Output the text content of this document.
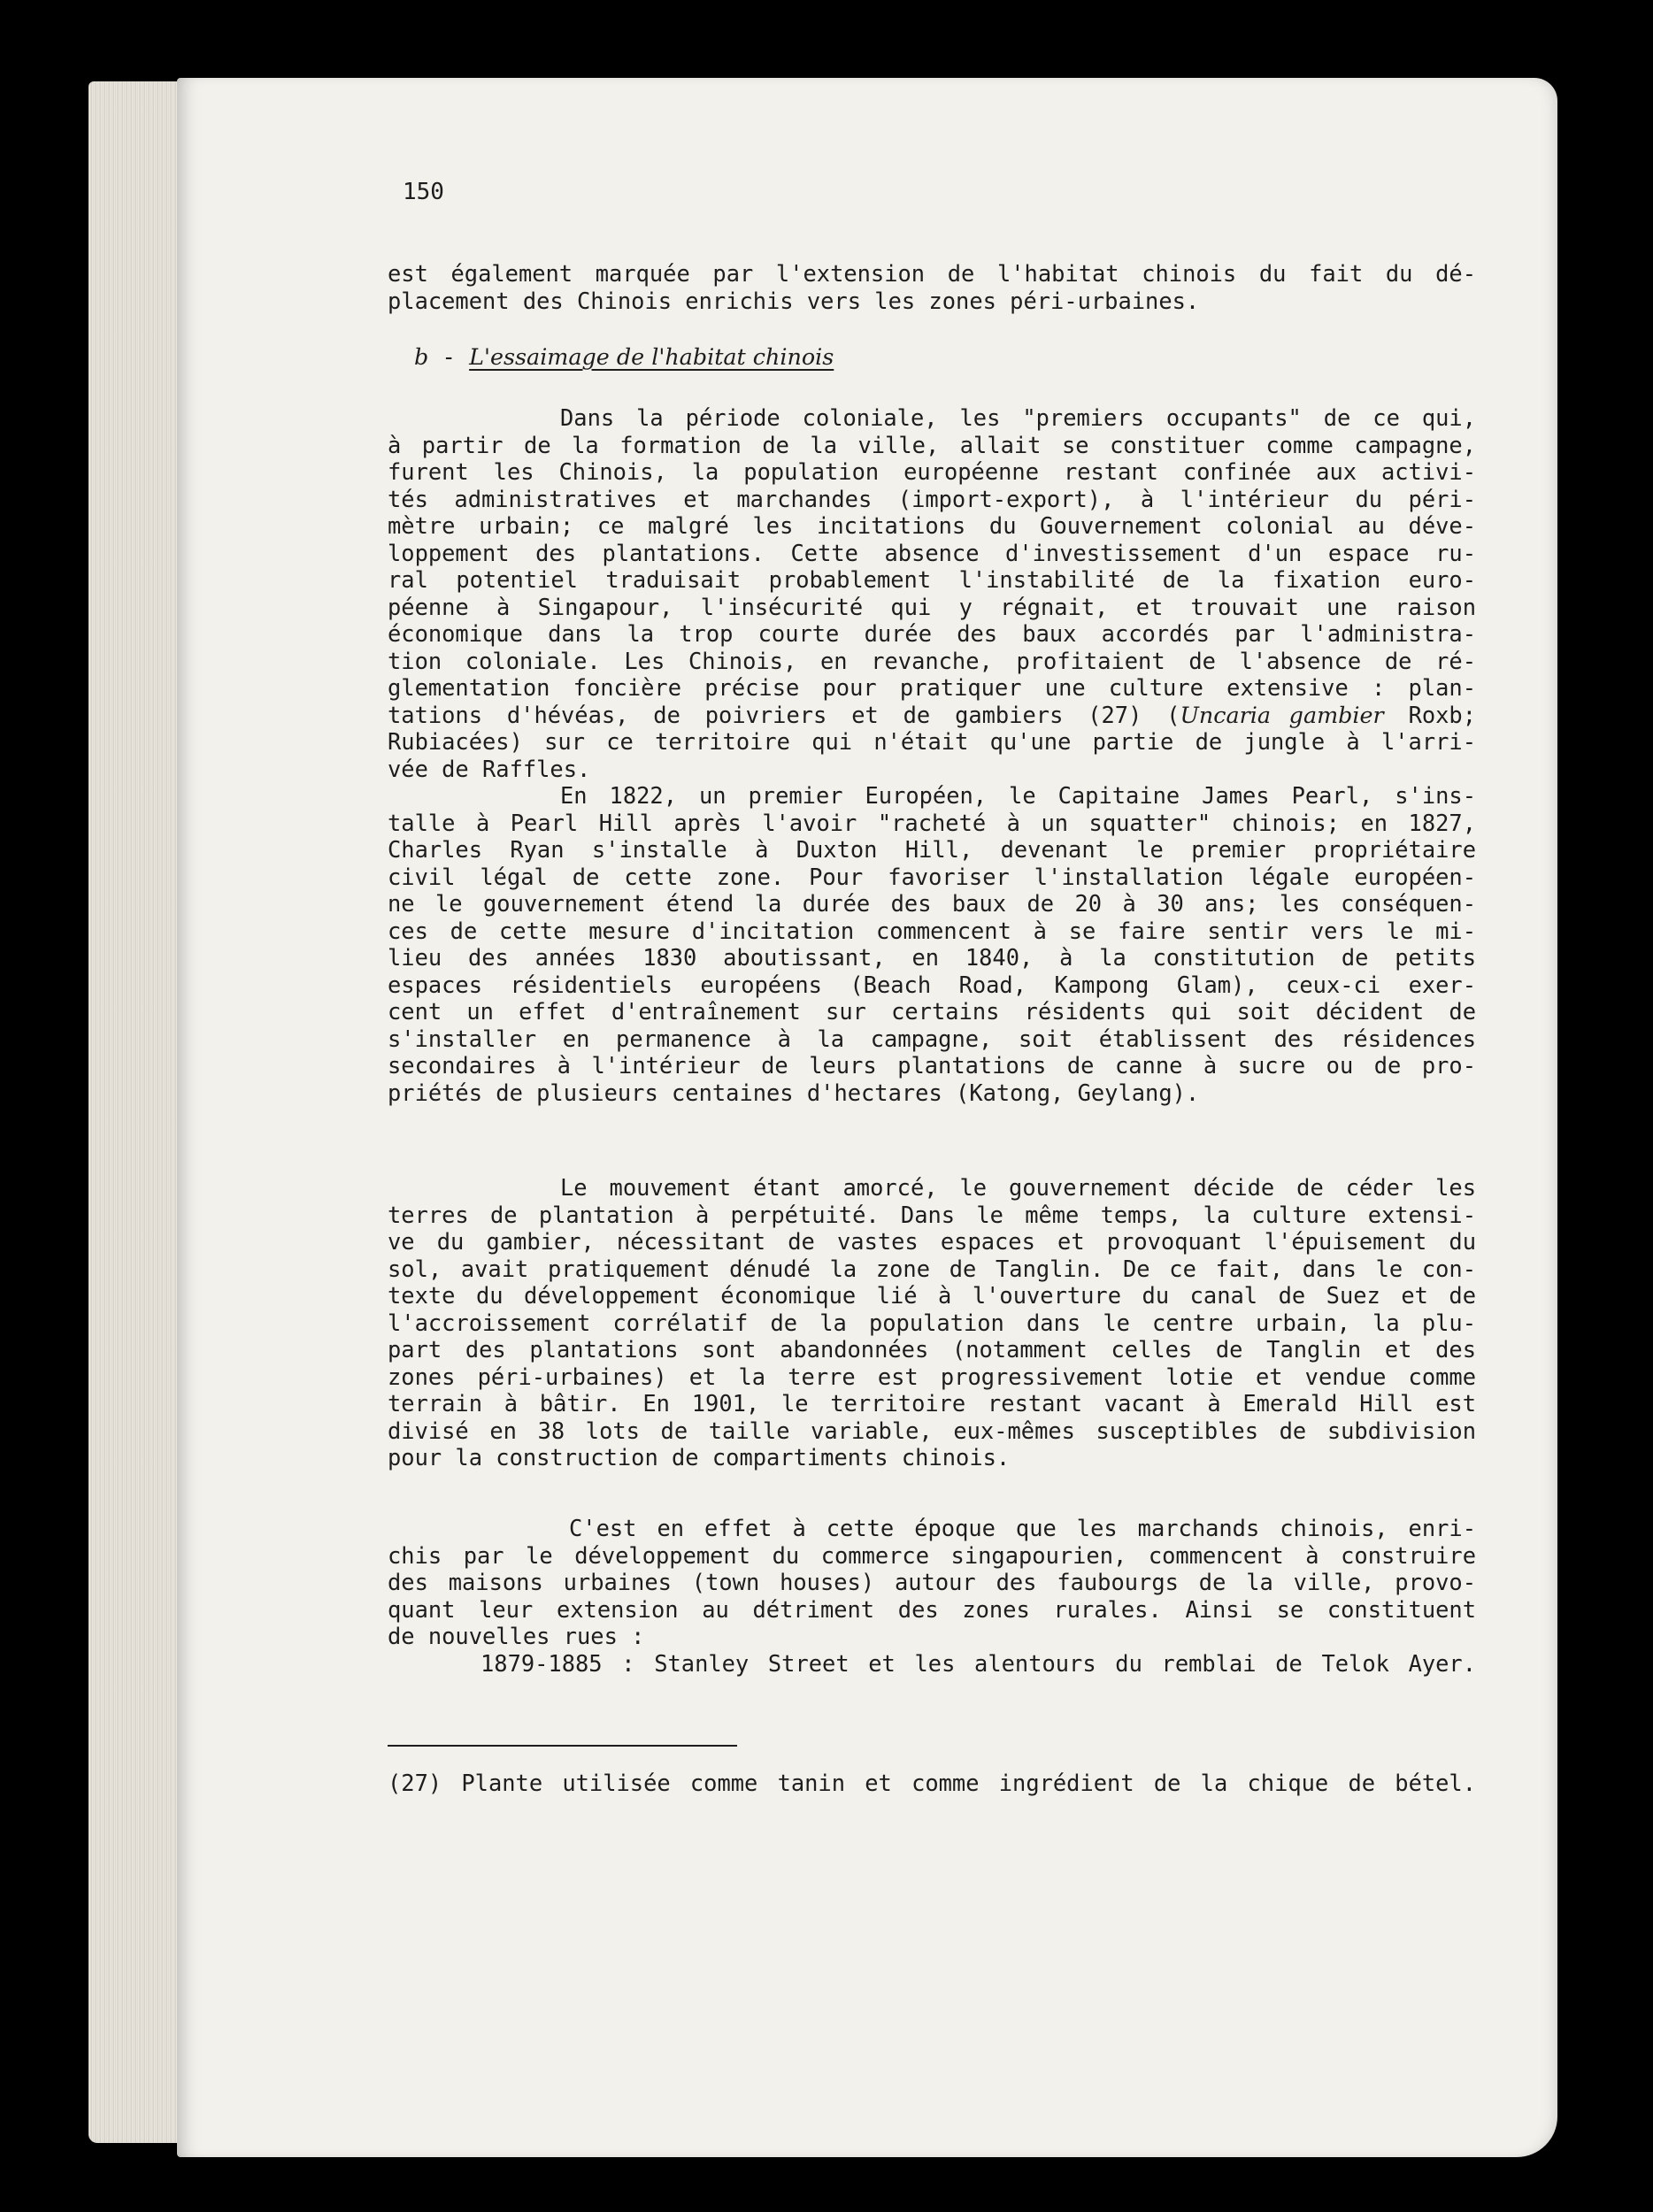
150
est également marquée par l'extension de l'habitat chinois du fait du dé-
placement des Chinois enrichis vers les zones péri-urbaines.
b - L'essaimage de l'habitat chinois
Dans la période coloniale, les "premiers occupants" de ce qui,
à partir de la formation de la ville, allait se constituer comme campagne,
furent les Chinois, la population européenne restant confinée aux activi-
tés administratives et marchandes (import-export), à l'intérieur du péri-
mètre urbain; ce malgré les incitations du Gouvernement colonial au déve-
loppement des plantations. Cette absence d'investissement d'un espace ru-
ral potentiel traduisait probablement l'instabilité de la fixation euro-
péenne à Singapour, l'insécurité qui y régnait, et trouvait une raison
économique dans la trop courte durée des baux accordés par l'administra-
tion coloniale. Les Chinois, en revanche, profitaient de l'absence de ré-
glementation foncière précise pour pratiquer une culture extensive : plan-
tations d'hévéas, de poivriers et de gambiers (27) (Uncaria gambier Roxb;
Rubiacées) sur ce territoire qui n'était qu'une partie de jungle à l'arri-
vée de Raffles.
En 1822, un premier Européen, le Capitaine James Pearl, s'ins-
talle à Pearl Hill après l'avoir "racheté à un squatter" chinois; en 1827,
Charles Ryan s'installe à Duxton Hill, devenant le premier propriétaire
civil légal de cette zone. Pour favoriser l'installation légale européen-
ne le gouvernement étend la durée des baux de 20 à 30 ans; les conséquen-
ces de cette mesure d'incitation commencent à se faire sentir vers le mi-
lieu des années 1830 aboutissant, en 1840, à la constitution de petits
espaces résidentiels européens (Beach Road, Kampong Glam), ceux-ci exer-
cent un effet d'entraînement sur certains résidents qui soit décident de
s'installer en permanence à la campagne, soit établissent des résidences
secondaires à l'intérieur de leurs plantations de canne à sucre ou de pro-
priétés de plusieurs centaines d'hectares (Katong, Geylang).
Le mouvement étant amorcé, le gouvernement décide de céder les
terres de plantation à perpétuité. Dans le même temps, la culture extensi-
ve du gambier, nécessitant de vastes espaces et provoquant l'épuisement du
sol, avait pratiquement dénudé la zone de Tanglin. De ce fait, dans le con-
texte du développement économique lié à l'ouverture du canal de Suez et de
l'accroissement corrélatif de la population dans le centre urbain, la plu-
part des plantations sont abandonnées (notamment celles de Tanglin et des
zones péri-urbaines) et la terre est progressivement lotie et vendue comme
terrain à bâtir. En 1901, le territoire restant vacant à Emerald Hill est
divisé en 38 lots de taille variable, eux-mêmes susceptibles de subdivision
pour la construction de compartiments chinois.
C'est en effet à cette époque que les marchands chinois, enri-
chis par le développement du commerce singapourien, commencent à construire
des maisons urbaines (town houses) autour des faubourgs de la ville, provo-
quant leur extension au détriment des zones rurales. Ainsi se constituent
de nouvelles rues :
1879-1885 : Stanley Street et les alentours du remblai de Telok Ayer.
(27) Plante utilisée comme tanin et comme ingrédient de la chique de bétel.
